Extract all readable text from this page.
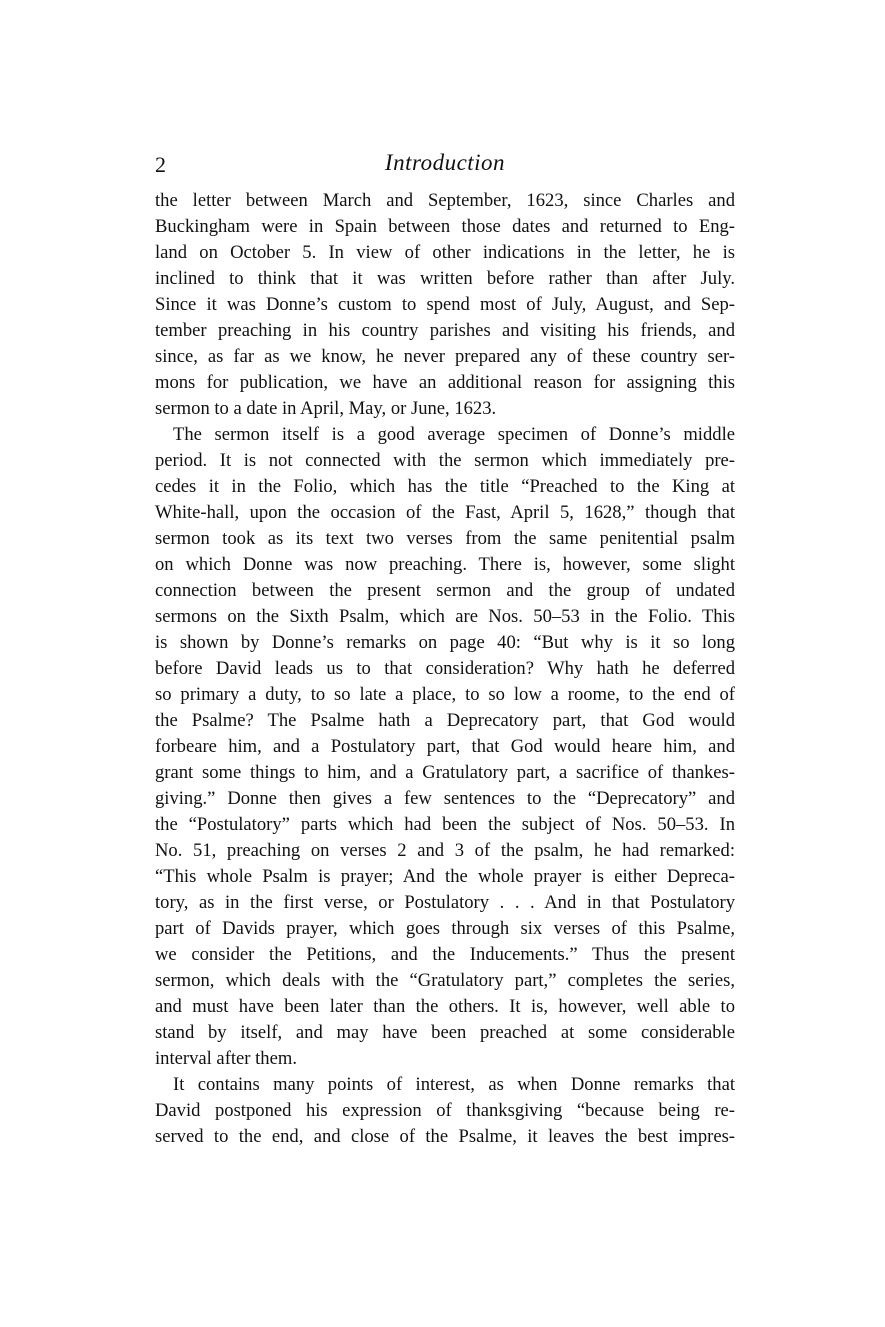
2	Introduction
the letter between March and September, 1623, since Charles and
Buckingham were in Spain between those dates and returned to Eng-
land on October 5. In view of other indications in the letter, he is
inclined to think that it was written before rather than after July.
Since it was Donne’s custom to spend most of July, August, and Sep-
tember preaching in his country parishes and visiting his friends, and
since, as far as we know, he never prepared any of these country ser-
mons for publication, we have an additional reason for assigning this
sermon to a date in April, May, or June, 1623.
The sermon itself is a good average specimen of Donne’s middle
period. It is not connected with the sermon which immediately pre-
cedes it in the Folio, which has the title “Preached to the King at
White-hall, upon the occasion of the Fast, April 5, 1628,” though that
sermon took as its text two verses from the same penitential psalm
on which Donne was now preaching. There is, however, some slight
connection between the present sermon and the group of undated
sermons on the Sixth Psalm, which are Nos. 50–53 in the Folio. This
is shown by Donne’s remarks on page 40: “But why is it so long
before David leads us to that consideration? Why hath he deferred
so primary a duty, to so late a place, to so low a roome, to the end of
the Psalme? The Psalme hath a Deprecatory part, that God would
forbeare him, and a Postulatory part, that God would heare him, and
grant some things to him, and a Gratulatory part, a sacrifice of thankes-
giving.” Donne then gives a few sentences to the “Deprecatory” and
the “Postulatory” parts which had been the subject of Nos. 50–53. In
No. 51, preaching on verses 2 and 3 of the psalm, he had remarked:
“This whole Psalm is prayer; And the whole prayer is either Depreca-
tory, as in the first verse, or Postulatory . . . And in that Postulatory
part of Davids prayer, which goes through six verses of this Psalme,
we consider the Petitions, and the Inducements.” Thus the present
sermon, which deals with the “Gratulatory part,” completes the series,
and must have been later than the others. It is, however, well able to
stand by itself, and may have been preached at some considerable
interval after them.
It contains many points of interest, as when Donne remarks that
David postponed his expression of thanksgiving “because being re-
served to the end, and close of the Psalme, it leaves the best impres-
